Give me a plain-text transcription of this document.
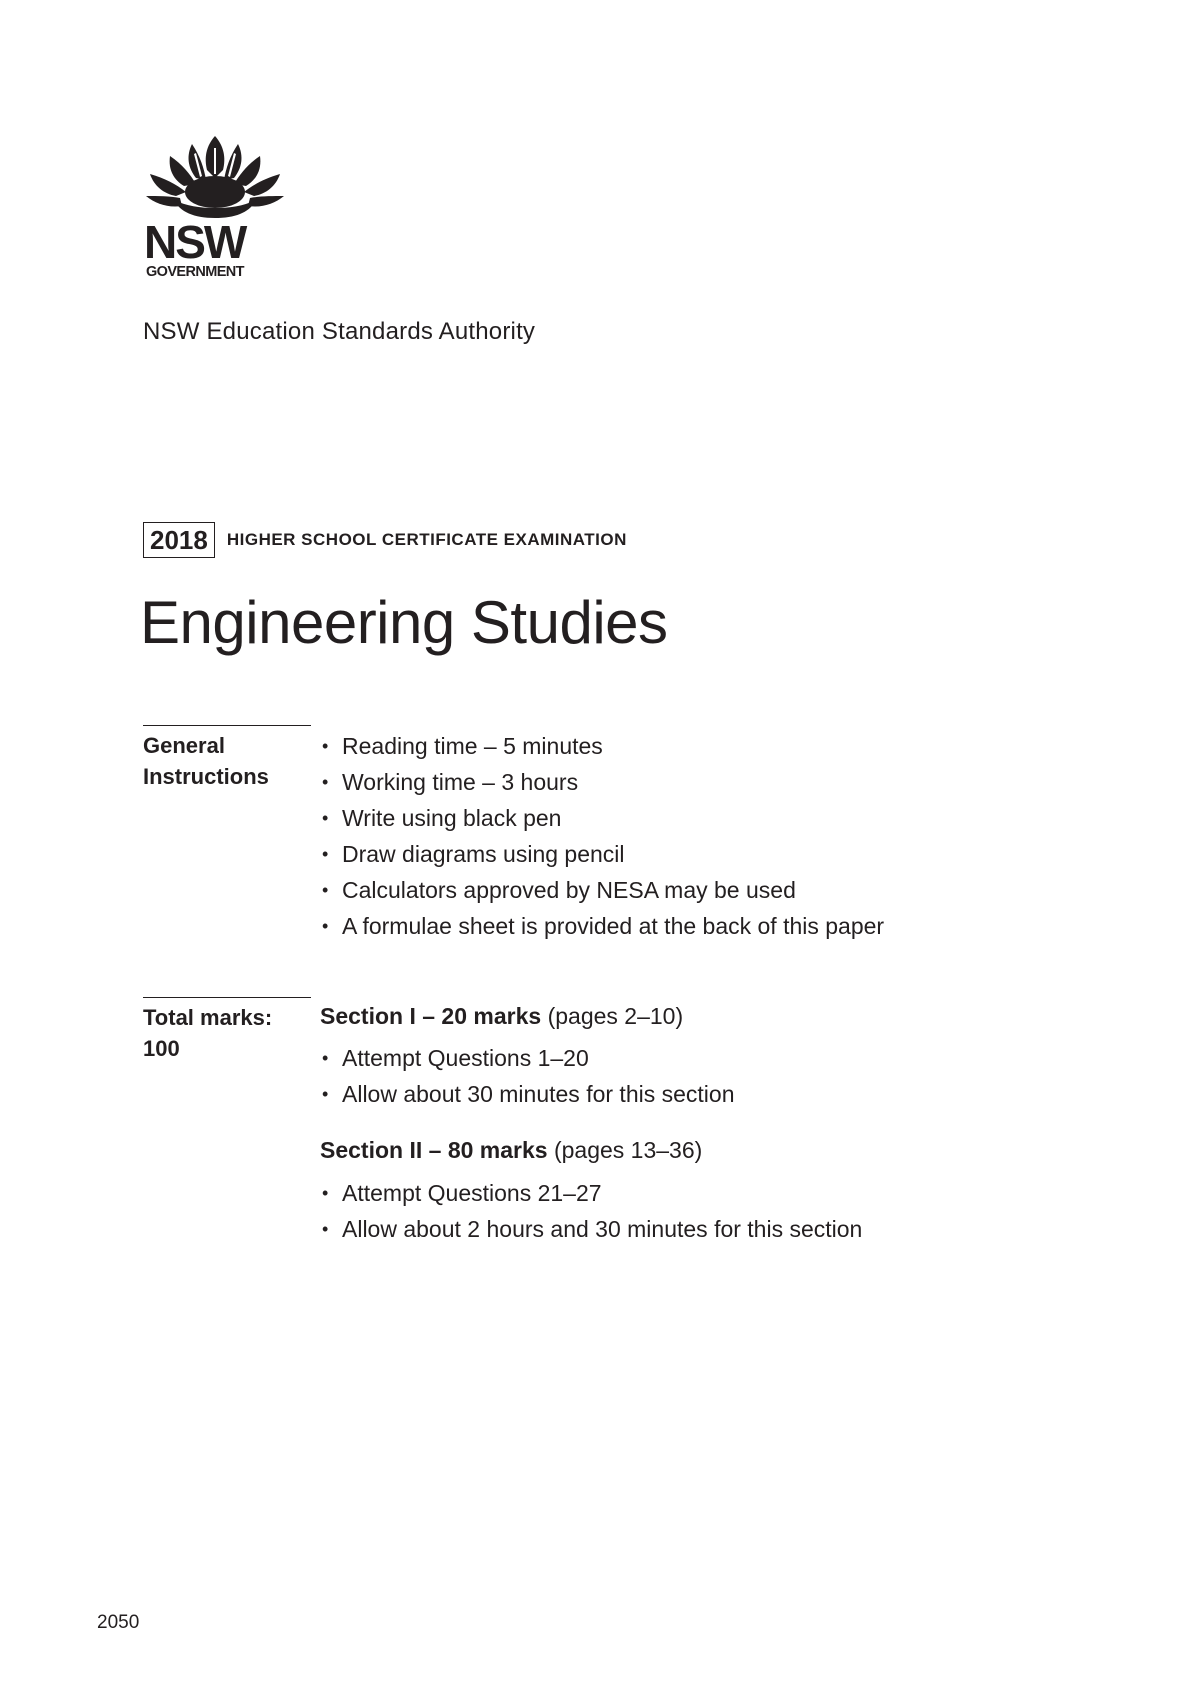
NSW
GOVERNMENT
NSW Education Standards Authority
2018	HIGHER SCHOOL CERTIFICATE EXAMINATION
Engineering Studies
General
Instructions
• Reading time – 5 minutes
• Working time – 3 hours
• Write using black pen
• Draw diagrams using pencil
• Calculators approved by NESA may be used
• A formulae sheet is provided at the back of this paper
Total marks:
100
Section I – 20 marks (pages 2–10)
• Attempt Questions 1–20
• Allow about 30 minutes for this section
Section II – 80 marks (pages 13–36)
• Attempt Questions 21–27
• Allow about 2 hours and 30 minutes for this section
2050
